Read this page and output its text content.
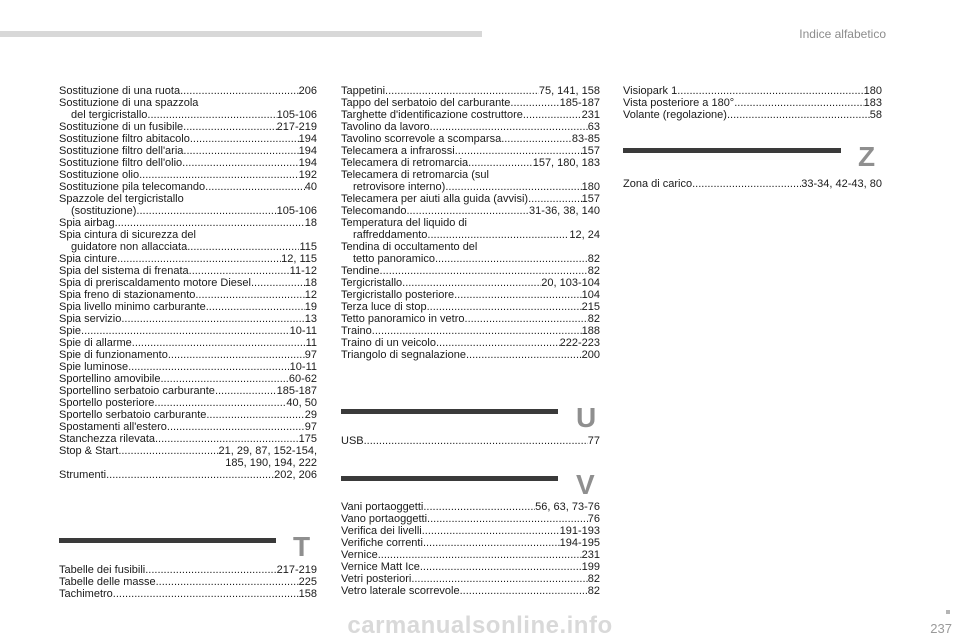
Indice alfabetico
Sostituzione di una ruota .....	206
Sostituzione di una spazzola
del tergicristallo .....	105-106
Sostituzione di un fusibile .....	217-219
Sostituzione filtro abitacolo .....	194
Sostituzione filtro dell'aria .....	194
Sostituzione filtro dell'olio .....	194
Sostituzione olio .....	192
Sostituzione pila telecomando .....	40
Spazzole del tergicristallo
(sostituzione) .....	105-106
Spia airbag .....	18
Spia cintura di sicurezza del
guidatore non allacciata .....	115
Spia cinture .....	12, 115
Spia del sistema di frenata .....	11-12
Spia di preriscaldamento motore Diesel .....	18
Spia freno di stazionamento .....	12
Spia livello minimo carburante .....	19
Spia servizio .....	13
Spie .....	10-11
Spie di allarme .....	11
Spie di funzionamento .....	97
Spie luminose .....	10-11
Sportellino amovibile .....	60-62
Sportellino serbatoio carburante .....	185-187
Sportello posteriore .....	40, 50
Sportello serbatoio carburante .....	29
Spostamenti all'estero .....	97
Stanchezza rilevata .....	175
Stop & Start .....	21, 29, 87, 152-154,
185, 190, 194, 222
Strumenti .....	202, 206
T
Tabelle dei fusibili .....	217-219
Tabelle delle masse .....	225
Tachimetro .....	158
Tappetini .....	75, 141, 158
Tappo del serbatoio del carburante .....	185-187
Targhette d'identificazione costruttore .....	231
Tavolino da lavoro .....	63
Tavolino scorrevole a scomparsa .....	83-85
Telecamera a infrarossi .....	157
Telecamera di retromarcia .....	157, 180, 183
Telecamera di retromarcia (sul
retrovisore interno) .....	180
Telecamera per aiuti alla guida (avvisi) .....	157
Telecomando .....	31-36, 38, 140
Temperatura del liquido di
raffreddamento .....	12, 24
Tendina di occultamento del
tetto panoramico .....	82
Tendine .....	82
Tergicristallo .....	20, 103-104
Tergicristallo posteriore .....	104
Terza luce di stop .....	215
Tetto panoramico in vetro .....	82
Traino .....	188
Traino di un veicolo .....	222-223
Triangolo di segnalazione .....	200
U
USB .....	77
V
Vani portaoggetti .....	56, 63, 73-76
Vano portaoggetti .....	76
Verifica dei livelli .....	191-193
Verifiche correnti .....	194-195
Vernice .....	231
Vernice Matt Ice .....	199
Vetri posteriori .....	82
Vetro laterale scorrevole .....	82
Visiopark 1 .....	180
Vista posteriore a 180° .....	183
Volante (regolazione) .....	58
Z
Zona di carico .....	33-34, 42-43, 80
237
carmanualsonline.info
